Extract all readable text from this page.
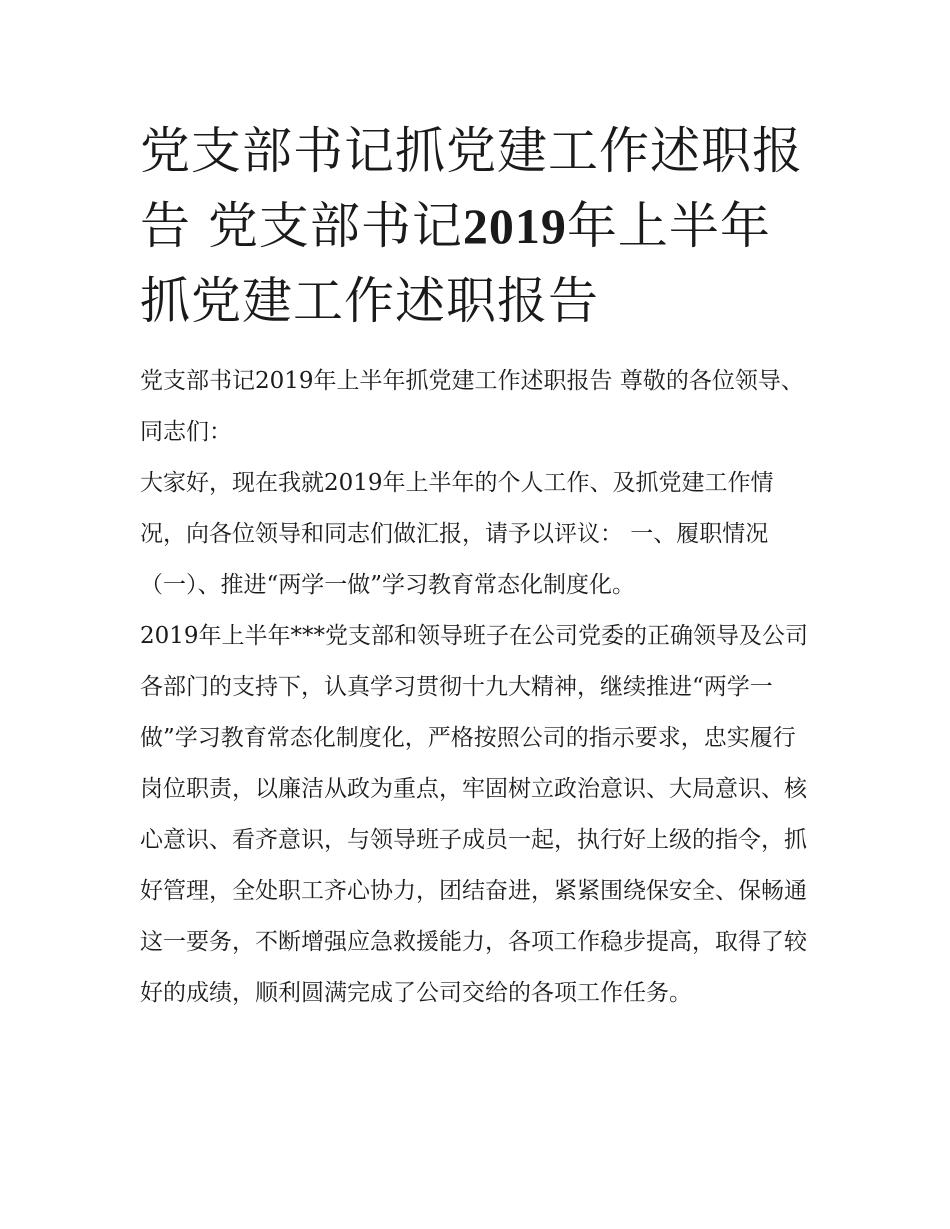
党支部书记抓党建工作述职报告 党支部书记2019年上半年抓党建工作述职报告

党支部书记2019年上半年抓党建工作述职报告 尊敬的各位领导、同志们：

大家好，现在我就2019年上半年的个人工作、及抓党建工作情况，向各位领导和同志们做汇报，请予以评议： 一、履职情况

（一）、推进“两学一做”学习教育常态化制度化。

2019年上半年***党支部和领导班子在公司党委的正确领导及公司各部门的支持下，认真学习贯彻十九大精神，继续推进“两学一做”学习教育常态化制度化，严格按照公司的指示要求，忠实履行岗位职责，以廉洁从政为重点，牢固树立政治意识、大局意识、核心意识、看齐意识，与领导班子成员一起，执行好上级的指令，抓好管理，全处职工齐心协力，团结奋进，紧紧围绕保安全、保畅通这一要务，不断增强应急救援能力，各项工作稳步提高，取得了较好的成绩，顺利圆满完成了公司交给的各项工作任务。
